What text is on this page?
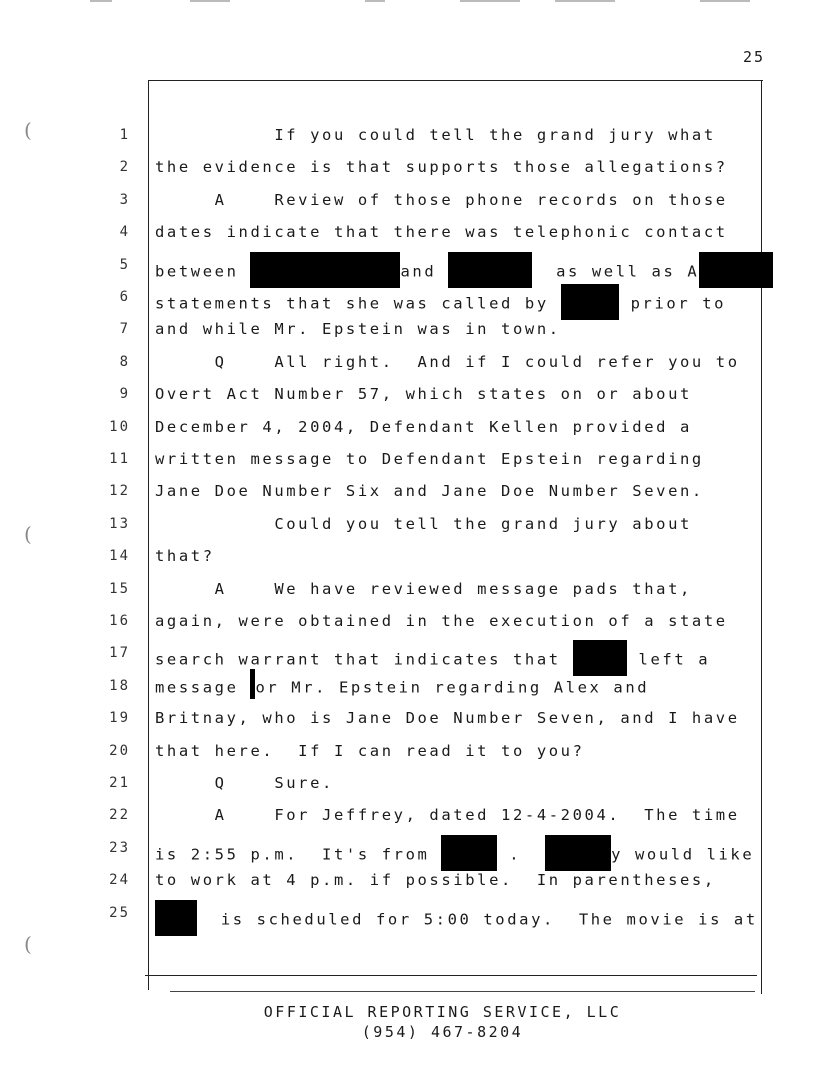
25
(
(
(
1 If you could tell the grand jury what
2 the evidence is that supports those allegations?
3 A    Review of those phone records on those
4 dates indicate that there was telephonic contact
5 between	and	as well as A
6 statements that she was called by	prior to
7 and while Mr. Epstein was in town.
8 Q    All right.  And if I could refer you to
9 Overt Act Number 57, which states on or about
10 December 4, 2004, Defendant Kellen provided a
11 written message to Defendant Epstein regarding
12 Jane Doe Number Six and Jane Doe Number Seven.
13 Could you tell the grand jury about
14 that?
15 A    We have reviewed message pads that,
16 again, were obtained in the execution of a state
17 search warrant that indicates that	left a
18 message or Mr. Epstein regarding Alex and
19 Britnay, who is Jane Doe Number Seven, and I have
20 that here.  If I can read it to you?
21 Q    Sure.
22 A    For Jeffrey, dated 12-4-2004.  The time
23 is 2:55 p.m.  It's from	.	y would like
24 to work at 4 p.m. if possible.  In parentheses,
25	is scheduled for 5:00 today.  The movie is at
OFFICIAL REPORTING SERVICE, LLC
(954) 467-8204
